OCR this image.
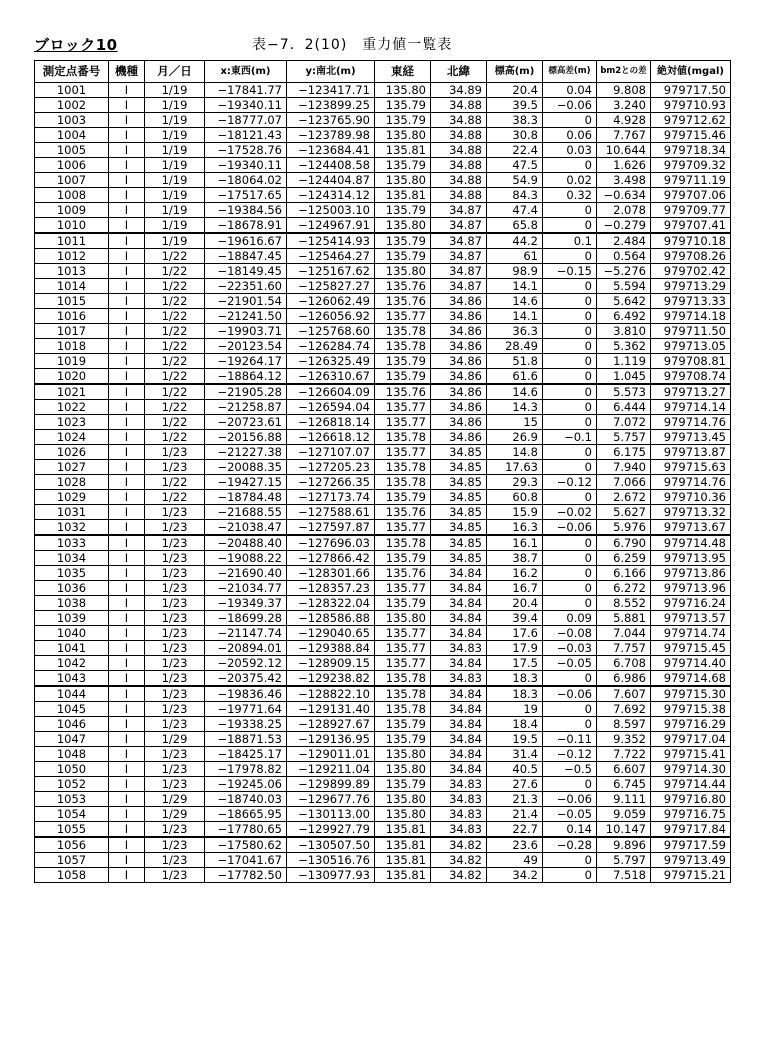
ブロック10	表−7．2(10)　重力値一覧表
測定点番号	機種	月／日	x:東西(m)	y:南北(m)	東経	北緯	標高(m)	標高差(m)	bm2との差	絶対値(mgal)
1001	I	1/19	−17841.77	−123417.71	135.80	34.89	20.4	0.04	9.808	979717.50
1002	I	1/19	−19340.11	−123899.25	135.79	34.88	39.5	−0.06	3.240	979710.93
1003	I	1/19	−18777.07	−123765.90	135.79	34.88	38.3	0	4.928	979712.62
1004	I	1/19	−18121.43	−123789.98	135.80	34.88	30.8	0.06	7.767	979715.46
1005	I	1/19	−17528.76	−123684.41	135.81	34.88	22.4	0.03	10.644	979718.34
1006	I	1/19	−19340.11	−124408.58	135.79	34.88	47.5	0	1.626	979709.32
1007	I	1/19	−18064.02	−124404.87	135.80	34.88	54.9	0.02	3.498	979711.19
1008	I	1/19	−17517.65	−124314.12	135.81	34.88	84.3	0.32	−0.634	979707.06
1009	I	1/19	−19384.56	−125003.10	135.79	34.87	47.4	0	2.078	979709.77
1010	I	1/19	−18678.91	−124967.91	135.80	34.87	65.8	0	−0.279	979707.41
1011	I	1/19	−19616.67	−125414.93	135.79	34.87	44.2	0.1	2.484	979710.18
1012	I	1/22	−18847.45	−125464.27	135.79	34.87	61	0	0.564	979708.26
1013	I	1/22	−18149.45	−125167.62	135.80	34.87	98.9	−0.15	−5.276	979702.42
1014	I	1/22	−22351.60	−125827.27	135.76	34.87	14.1	0	5.594	979713.29
1015	I	1/22	−21901.54	−126062.49	135.76	34.86	14.6	0	5.642	979713.33
1016	I	1/22	−21241.50	−126056.92	135.77	34.86	14.1	0	6.492	979714.18
1017	I	1/22	−19903.71	−125768.60	135.78	34.86	36.3	0	3.810	979711.50
1018	I	1/22	−20123.54	−126284.74	135.78	34.86	28.49	0	5.362	979713.05
1019	I	1/22	−19264.17	−126325.49	135.79	34.86	51.8	0	1.119	979708.81
1020	I	1/22	−18864.12	−126310.67	135.79	34.86	61.6	0	1.045	979708.74
1021	I	1/22	−21905.28	−126604.09	135.76	34.86	14.6	0	5.573	979713.27
1022	I	1/22	−21258.87	−126594.04	135.77	34.86	14.3	0	6.444	979714.14
1023	I	1/22	−20723.61	−126818.14	135.77	34.86	15	0	7.072	979714.76
1024	I	1/22	−20156.88	−126618.12	135.78	34.86	26.9	−0.1	5.757	979713.45
1026	I	1/23	−21227.38	−127107.07	135.77	34.85	14.8	0	6.175	979713.87
1027	I	1/23	−20088.35	−127205.23	135.78	34.85	17.63	0	7.940	979715.63
1028	I	1/22	−19427.15	−127266.35	135.78	34.85	29.3	−0.12	7.066	979714.76
1029	I	1/22	−18784.48	−127173.74	135.79	34.85	60.8	0	2.672	979710.36
1031	I	1/23	−21688.55	−127588.61	135.76	34.85	15.9	−0.02	5.627	979713.32
1032	I	1/23	−21038.47	−127597.87	135.77	34.85	16.3	−0.06	5.976	979713.67
1033	I	1/23	−20488.40	−127696.03	135.78	34.85	16.1	0	6.790	979714.48
1034	I	1/23	−19088.22	−127866.42	135.79	34.85	38.7	0	6.259	979713.95
1035	I	1/23	−21690.40	−128301.66	135.76	34.84	16.2	0	6.166	979713.86
1036	I	1/23	−21034.77	−128357.23	135.77	34.84	16.7	0	6.272	979713.96
1038	I	1/23	−19349.37	−128322.04	135.79	34.84	20.4	0	8.552	979716.24
1039	I	1/23	−18699.28	−128586.88	135.80	34.84	39.4	0.09	5.881	979713.57
1040	I	1/23	−21147.74	−129040.65	135.77	34.84	17.6	−0.08	7.044	979714.74
1041	I	1/23	−20894.01	−129388.84	135.77	34.83	17.9	−0.03	7.757	979715.45
1042	I	1/23	−20592.12	−128909.15	135.77	34.84	17.5	−0.05	6.708	979714.40
1043	I	1/23	−20375.42	−129238.82	135.78	34.83	18.3	0	6.986	979714.68
1044	I	1/23	−19836.46	−128822.10	135.78	34.84	18.3	−0.06	7.607	979715.30
1045	I	1/23	−19771.64	−129131.40	135.78	34.84	19	0	7.692	979715.38
1046	I	1/23	−19338.25	−128927.67	135.79	34.84	18.4	0	8.597	979716.29
1047	I	1/29	−18871.53	−129136.95	135.79	34.84	19.5	−0.11	9.352	979717.04
1048	I	1/23	−18425.17	−129011.01	135.80	34.84	31.4	−0.12	7.722	979715.41
1050	I	1/23	−17978.82	−129211.04	135.80	34.84	40.5	−0.5	6.607	979714.30
1052	I	1/23	−19245.06	−129899.89	135.79	34.83	27.6	0	6.745	979714.44
1053	I	1/29	−18740.03	−129677.76	135.80	34.83	21.3	−0.06	9.111	979716.80
1054	I	1/29	−18665.95	−130113.00	135.80	34.83	21.4	−0.05	9.059	979716.75
1055	I	1/23	−17780.65	−129927.79	135.81	34.83	22.7	0.14	10.147	979717.84
1056	I	1/23	−17580.62	−130507.50	135.81	34.82	23.6	−0.28	9.896	979717.59
1057	I	1/23	−17041.67	−130516.76	135.81	34.82	49	0	5.797	979713.49
1058	I	1/23	−17782.50	−130977.93	135.81	34.82	34.2	0	7.518	979715.21
